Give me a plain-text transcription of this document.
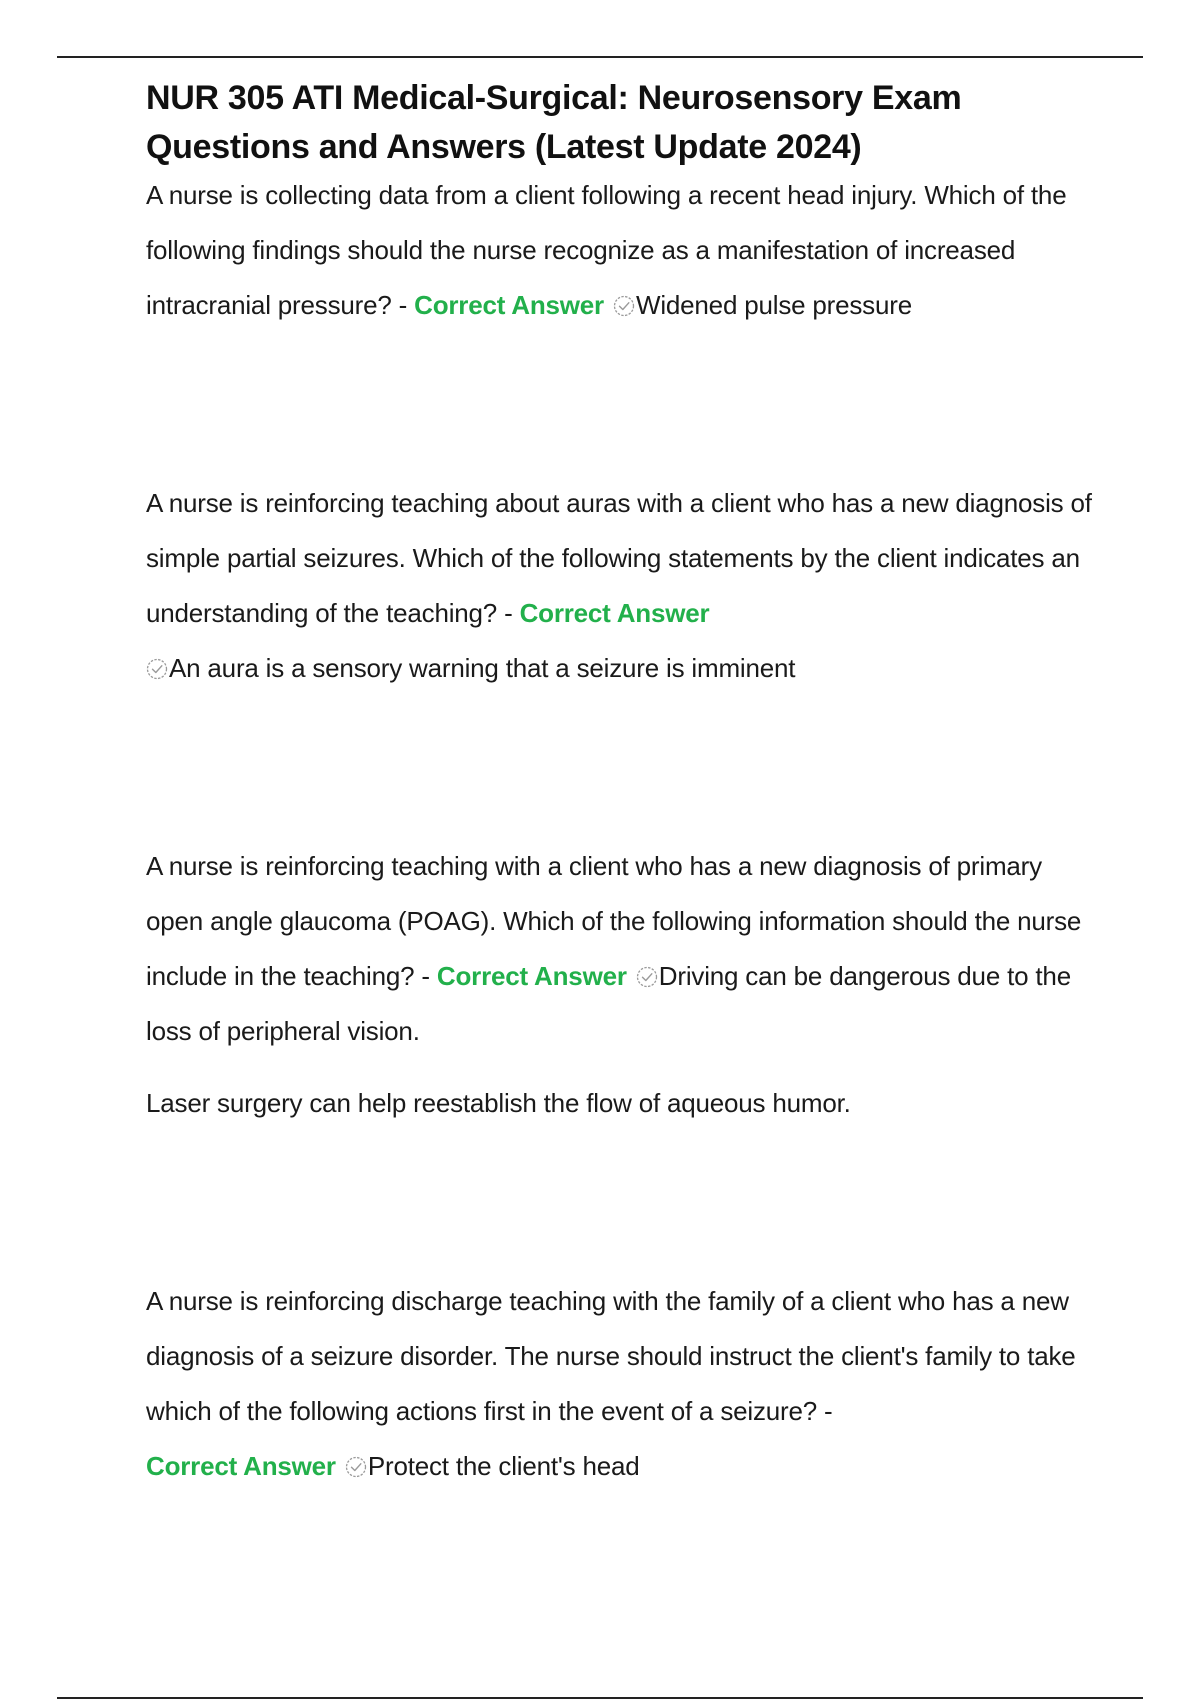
NUR 305 ATI Medical-Surgical: Neurosensory Exam Questions and Answers (Latest Update 2024)

A nurse is collecting data from a client following a recent head injury. Which of the following findings should the nurse recognize as a manifestation of increased intracranial pressure? - Correct Answer Widened pulse pressure

A nurse is reinforcing teaching about auras with a client who has a new diagnosis of simple partial seizures. Which of the following statements by the client indicates an understanding of the teaching? - Correct Answer

An aura is a sensory warning that a seizure is imminent

A nurse is reinforcing teaching with a client who has a new diagnosis of primary open angle glaucoma (POAG). Which of the following information should the nurse include in the teaching? - Correct Answer Driving can be dangerous due to the loss of peripheral vision.

Laser surgery can help reestablish the flow of aqueous humor.

A nurse is reinforcing discharge teaching with the family of a client who has a new diagnosis of a seizure disorder. The nurse should instruct the client's family to take which of the following actions first in the event of a seizure? -
Correct Answer Protect the client's head
